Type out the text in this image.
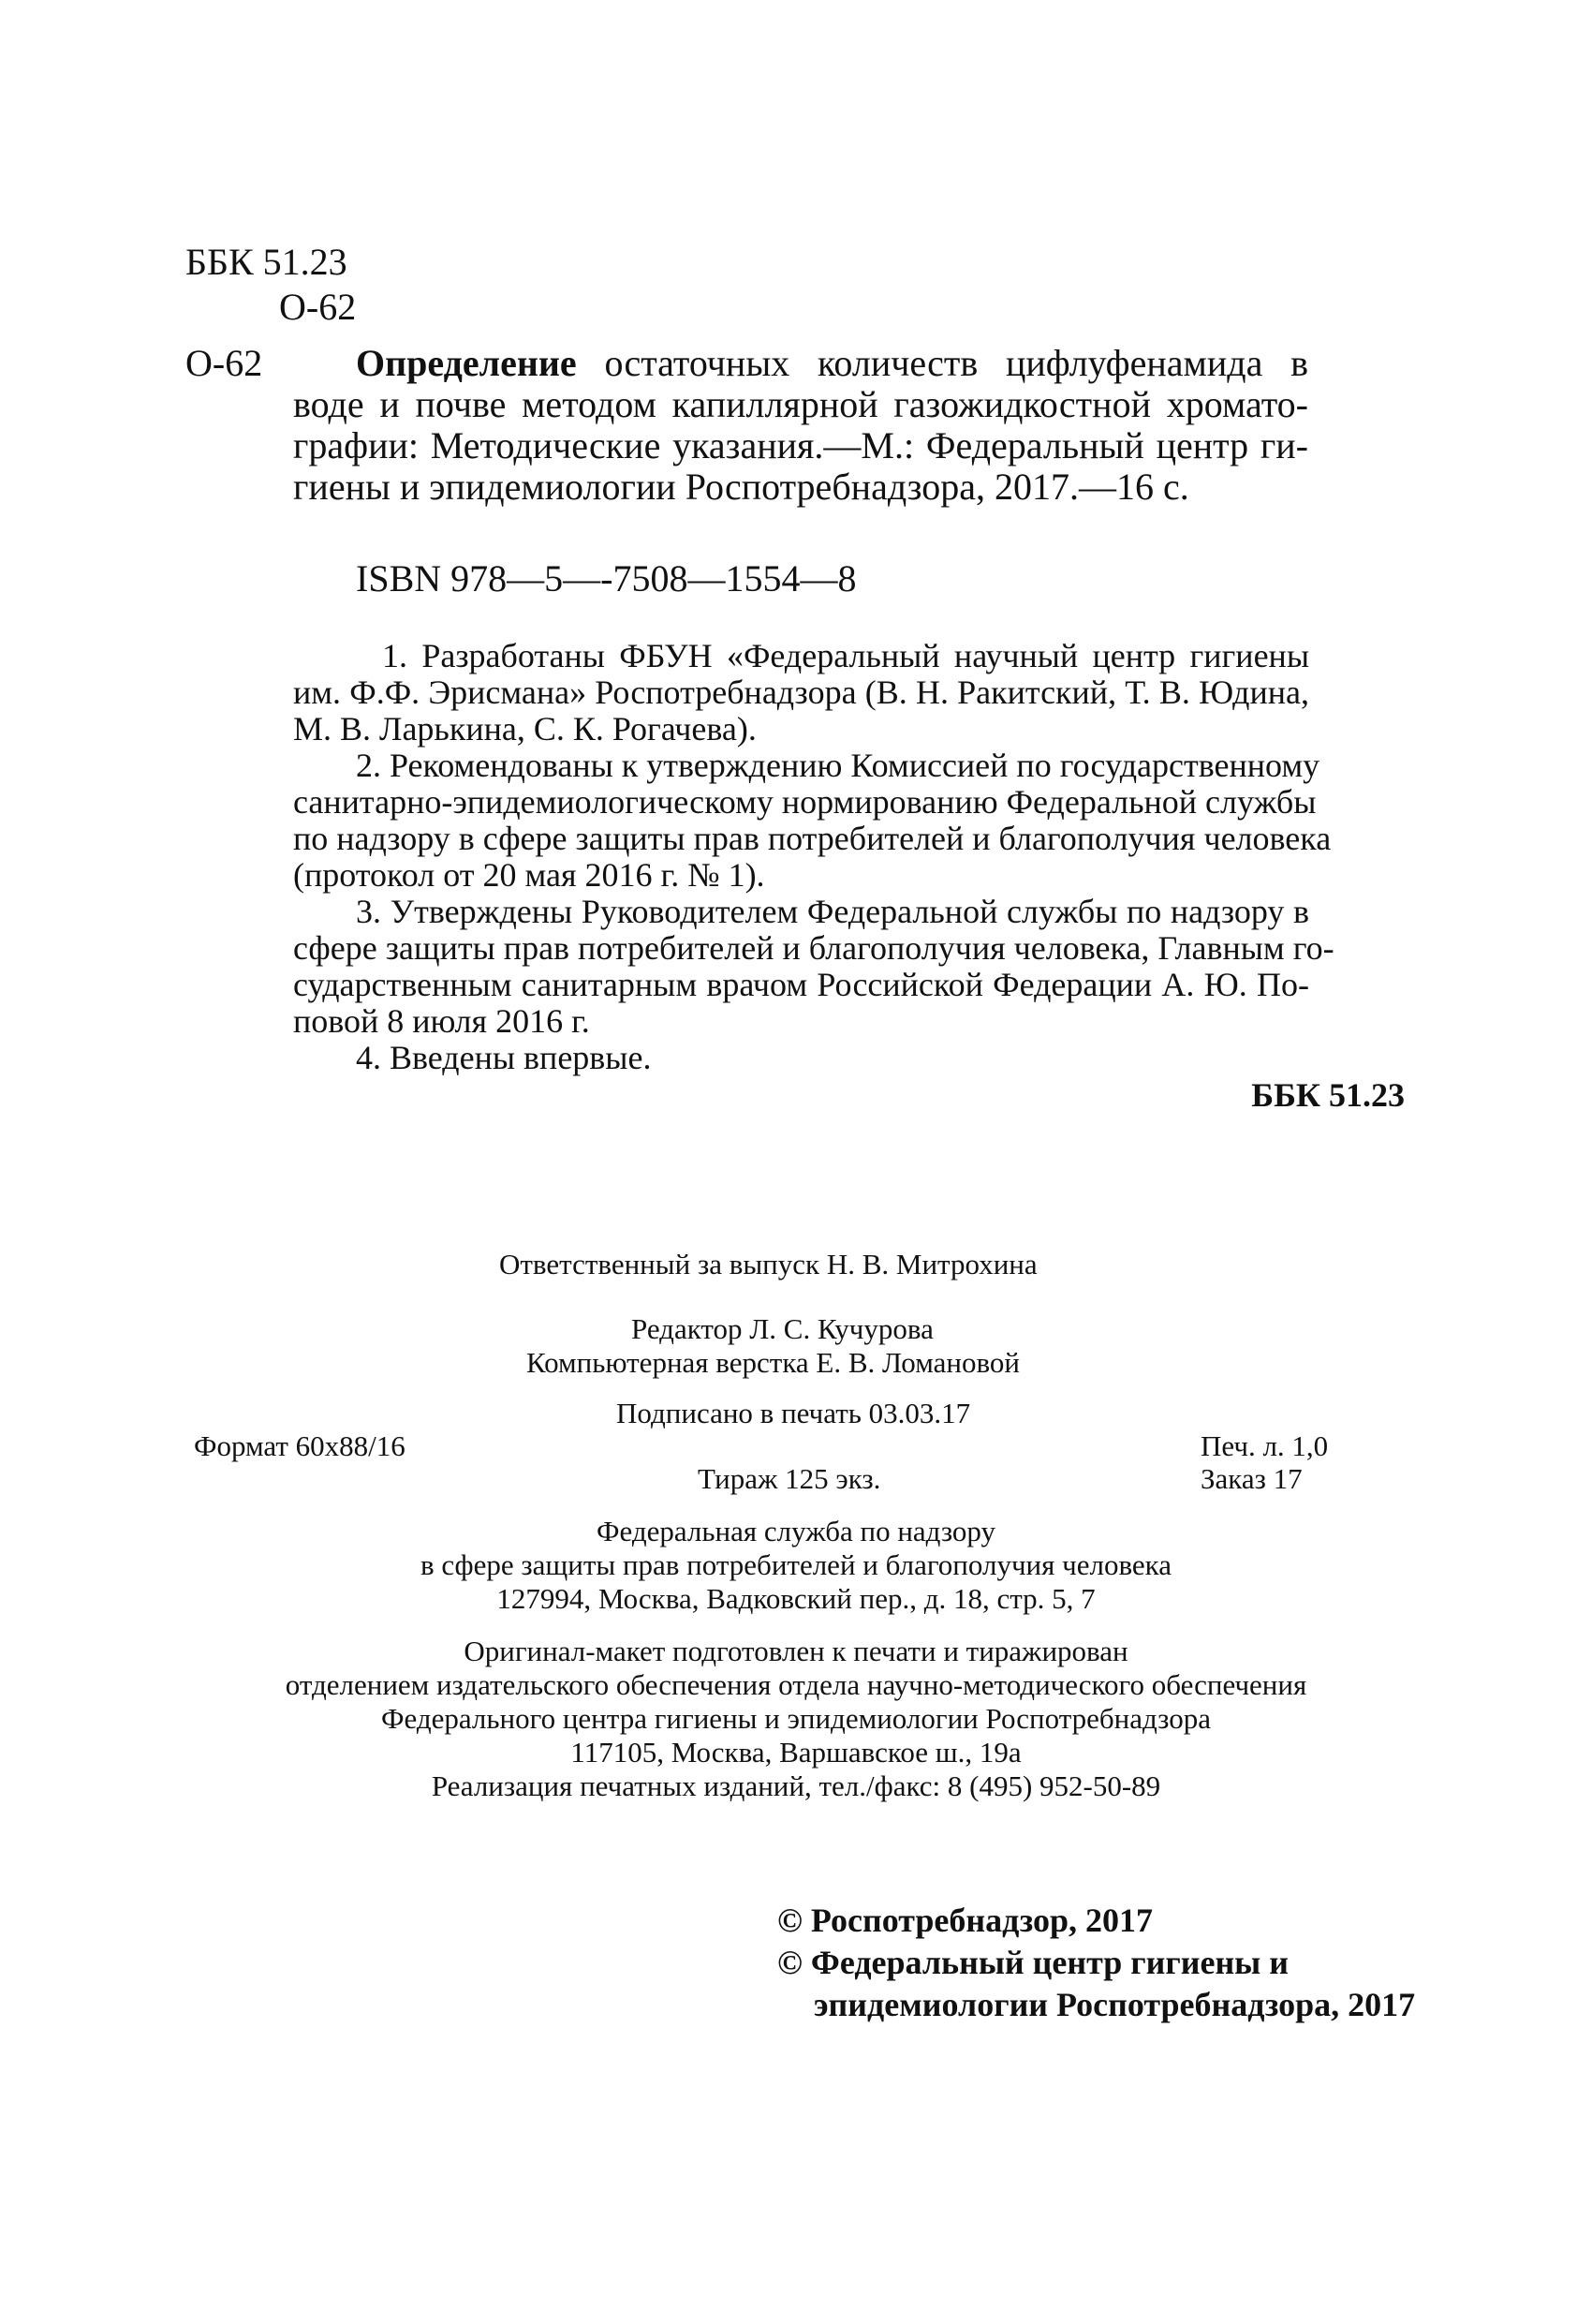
ББК 51.23
О-62
О-62 Определение остаточных количеств цифлуфенамида в
воде и почве методом капиллярной газожидкостной хромато-
графии: Методические указания.—М.: Федеральный центр ги-
гиены и эпидемиологии Роспотребнадзора, 2017.—16 с.
ISBN 978—5—-7508—1554—8
1. Разработаны ФБУН «Федеральный научный центр гигиены
им. Ф.Ф. Эрисмана» Роспотребнадзора (В. Н. Ракитский, Т. В. Юдина,
М. В. Ларькина, С. К. Рогачева).
2. Рекомендованы к утверждению Комиссией по государственному
санитарно-эпидемиологическому нормированию Федеральной службы
по надзору в сфере защиты прав потребителей и благополучия человека
(протокол от 20 мая 2016 г. № 1).
3. Утверждены Руководителем Федеральной службы по надзору в
сфере защиты прав потребителей и благополучия человека, Главным го-
сударственным санитарным врачом Российской Федерации А. Ю. По-
повой 8 июля 2016 г.
4. Введены впервые.
ББК 51.23
Ответственный за выпуск Н. В. Митрохина
Редактор Л. С. Кучурова
Компьютерная верстка Е. В. Ломановой
Подписано в печать 03.03.17
Формат 60x88/16	Печ. л. 1,0
Тираж 125 экз.	Заказ 17
Федеральная служба по надзору
в сфере защиты прав потребителей и благополучия человека
127994, Москва, Вадковский пер., д. 18, стр. 5, 7
Оригинал-макет подготовлен к печати и тиражирован
отделением издательского обеспечения отдела научно-методического обеспечения
Федерального центра гигиены и эпидемиологии Роспотребнадзора
117105, Москва, Варшавское ш., 19а
Реализация печатных изданий, тел./факс: 8 (495) 952-50-89
© Роспотребнадзор, 2017
© Федеральный центр гигиены и
эпидемиологии Роспотребнадзора, 2017
